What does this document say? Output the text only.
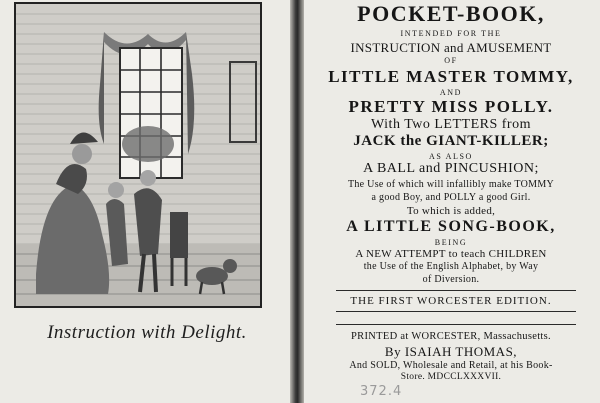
Instruction with Delight.
POCKET-BOOK,
INTENDED FOR THE
INSTRUCTION and AMUSEMENT
OF
LITTLE MASTER TOMMY,
AND
PRETTY MISS POLLY.
With Two LETTERS from
JACK the GIANT-KILLER;
AS ALSO
A BALL and PINCUSHION;
The Use of which will infallibly make TOMMY
a good Boy, and POLLY a good Girl.
To which is added,
A LITTLE SONG-BOOK,
BEING
A NEW ATTEMPT to teach CHILDREN
the Use of the English Alphabet, by Way
of Diversion.
THE FIRST WORCESTER EDITION.
PRINTED at WORCESTER, Massachusetts.
By ISAIAH THOMAS,
And SOLD, Wholesale and Retail, at his Book-
Store. MDCCLXXXVII.
372.4
